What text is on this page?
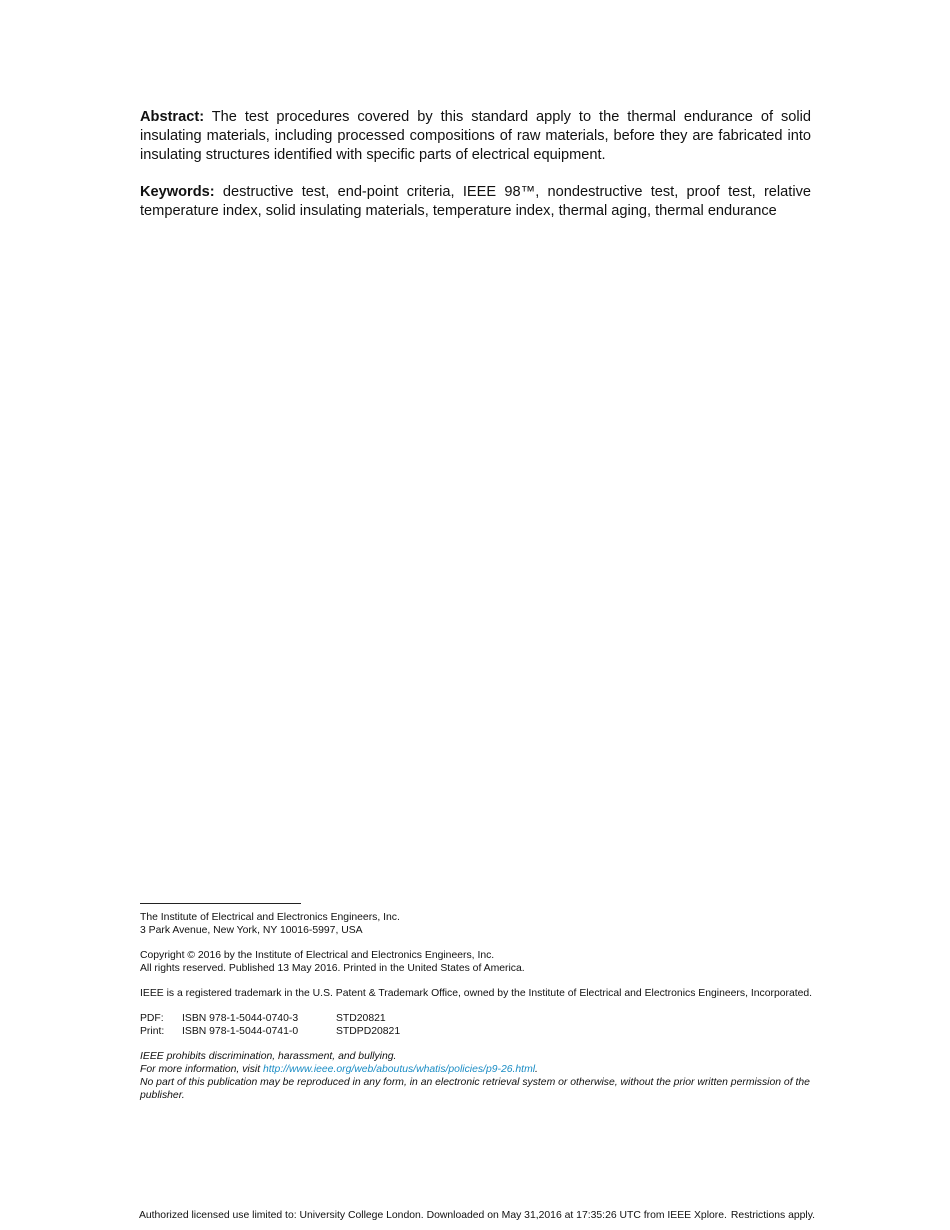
Abstract: The test procedures covered by this standard apply to the thermal endurance of solid insulating materials, including processed compositions of raw materials, before they are fabricated into insulating structures identified with specific parts of electrical equipment.

Keywords: destructive test, end-point criteria, IEEE 98™, nondestructive test, proof test, relative temperature index, solid insulating materials, temperature index, thermal aging, thermal endurance

The Institute of Electrical and Electronics Engineers, Inc.
3 Park Avenue, New York, NY 10016-5997, USA
Copyright © 2016 by the Institute of Electrical and Electronics Engineers, Inc.
All rights reserved. Published 13 May 2016. Printed in the United States of America.
IEEE is a registered trademark in the U.S. Patent & Trademark Office, owned by the Institute of Electrical and Electronics Engineers, Incorporated.
PDF:	ISBN 978-1-5044-0740-3	STD20821
Print:	ISBN 978-1-5044-0741-0	STDPD20821
IEEE prohibits discrimination, harassment, and bullying.
For more information, visit http://www.ieee.org/web/aboutus/whatis/policies/p9-26.html.
No part of this publication may be reproduced in any form, in an electronic retrieval system or otherwise, without the prior written permission of the publisher.
Authorized licensed use limited to: University College London. Downloaded on May 31,2016 at 17:35:26 UTC from IEEE Xplore. Restrictions apply.
